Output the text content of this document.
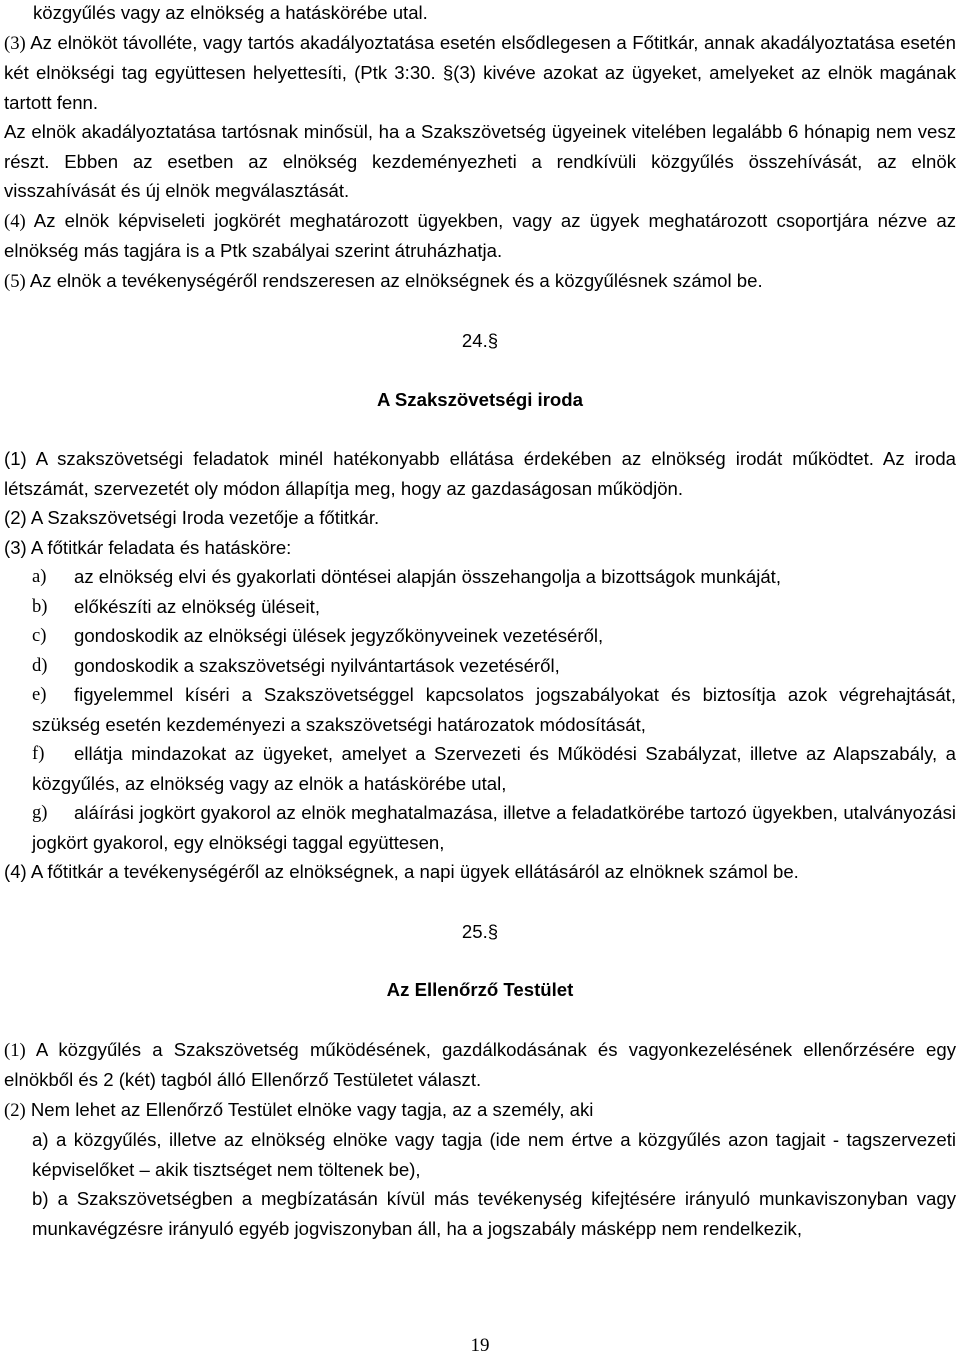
közgyűlés vagy az elnökség a hatáskörébe utal.

(3) Az elnököt távolléte, vagy tartós akadályoztatása esetén elsődlegesen a Főtitkár, annak akadályoztatása esetén két elnökségi tag együttesen helyettesíti, (Ptk 3:30. §(3) kivéve azokat az ügyeket, amelyeket az elnök magának tartott fenn.

Az elnök akadályoztatása tartósnak minősül, ha a Szakszövetség ügyeinek vitelében legalább 6 hónapig nem vesz részt. Ebben az esetben az elnökség kezdeményezheti a rendkívüli közgyűlés összehívását, az elnök visszahívását és új elnök megválasztását.

(4) Az elnök képviseleti jogkörét meghatározott ügyekben, vagy az ügyek meghatározott csoportjára nézve az elnökség más tagjára is a Ptk szabályai szerint átruházhatja.

(5) Az elnök a tevékenységéről rendszeresen az elnökségnek és a közgyűlésnek számol be.

24.§

A Szakszövetségi iroda

(1) A szakszövetségi feladatok minél hatékonyabb ellátása érdekében az elnökség irodát működtet. Az iroda létszámát, szervezetét oly módon állapítja meg, hogy az gazdaságosan működjön.

(2) A Szakszövetségi Iroda vezetője a főtitkár.

(3) A főtitkár feladata és hatásköre:

a) az elnökség elvi és gyakorlati döntései alapján összehangolja a bizottságok munkáját,

b) előkészíti az elnökség üléseit,

c) gondoskodik az elnökségi ülések jegyzőkönyveinek vezetéséről,

d) gondoskodik a szakszövetségi nyilvántartások vezetéséről,

e) figyelemmel kíséri a Szakszövetséggel kapcsolatos jogszabályokat és biztosítja azok végrehajtását, szükség esetén kezdeményezi a szakszövetségi határozatok módosítását,

f) ellátja mindazokat az ügyeket, amelyet a Szervezeti és Működési Szabályzat, illetve az Alapszabály, a közgyűlés, az elnökség vagy az elnök a hatáskörébe utal,

g) aláírási jogkört gyakorol az elnök meghatalmazása, illetve a feladatkörébe tartozó ügyekben, utalványozási jogkört gyakorol, egy elnökségi taggal együttesen,

(4) A főtitkár a tevékenységéről az elnökségnek, a napi ügyek ellátásáról az elnöknek számol be.

25.§

Az Ellenőrző Testület

(1) A közgyűlés a Szakszövetség működésének, gazdálkodásának és vagyonkezelésének ellenőrzésére egy elnökből és 2 (két) tagból álló Ellenőrző Testületet választ.

(2) Nem lehet az Ellenőrző Testület elnöke vagy tagja, az a személy, aki

a) a közgyűlés, illetve az elnökség elnöke vagy tagja (ide nem értve a közgyűlés azon tagjait - tagszervezeti képviselőket – akik tisztséget nem töltenek be),

b) a Szakszövetségben a megbízatásán kívül más tevékenység kifejtésére irányuló munkaviszonyban vagy munkavégzésre irányuló egyéb jogviszonyban áll, ha a jogszabály másképp nem rendelkezik,

19
